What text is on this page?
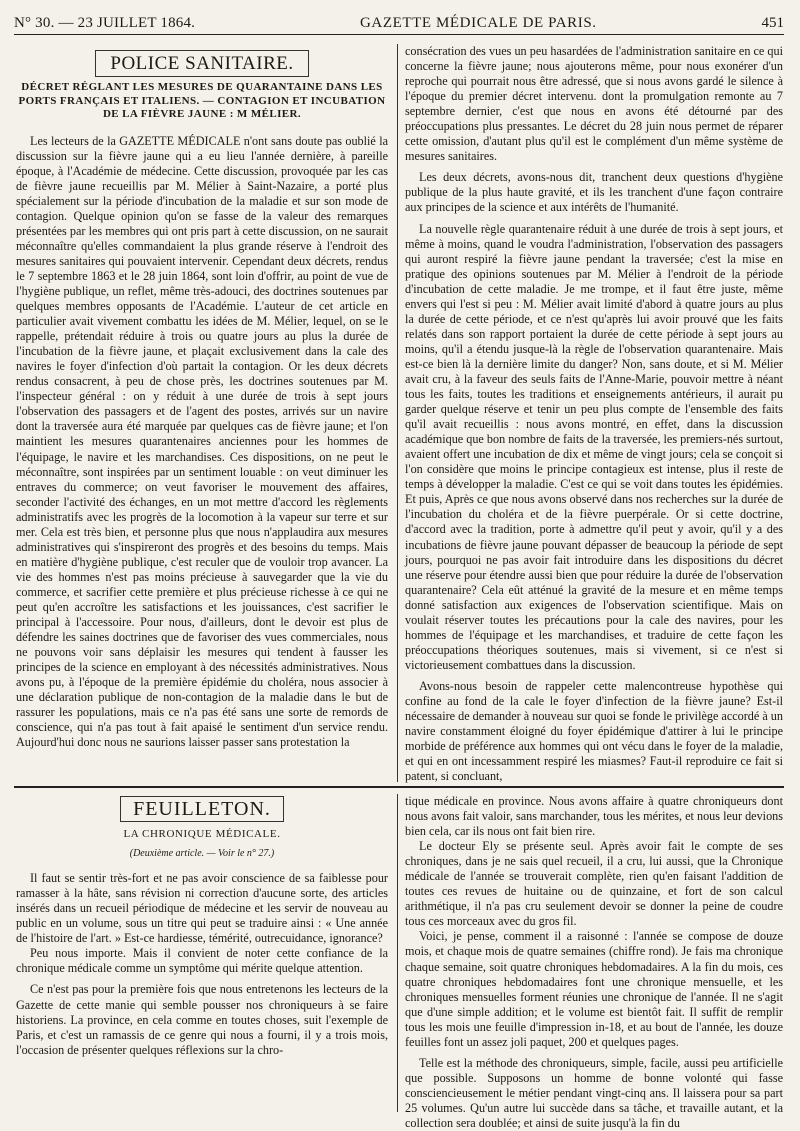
N° 30. — 23 JUILLET 1864.	GAZETTE MÉDICALE DE PARIS.	451
POLICE SANITAIRE.
DÉCRET RÉGLANT LES MESURES DE QUARANTAINE DANS LES PORTS FRANÇAIS ET ITALIENS. — CONTAGION ET INCUBATION DE LA FIÈVRE JAUNE : M MÉLIER.

Les lecteurs de la GAZETTE MÉDICALE n'ont sans doute pas oublié la discussion sur la fièvre jaune qui a eu lieu l'année dernière, à pareille époque, à l'Académie de médecine. Cette discussion, provoquée par les cas de fièvre jaune recueillis par M. Mélier à Saint-Nazaire, a porté plus spécialement sur la période d'incubation de la maladie et sur son mode de contagion. Quelque opinion qu'on se fasse de la valeur des remarques présentées par les membres qui ont pris part à cette discussion, on ne saurait méconnaître qu'elles commandaient la plus grande réserve à l'endroit des mesures sanitaires qui pouvaient intervenir. Cependant deux décrets, rendus le 7 septembre 1863 et le 28 juin 1864, sont loin d'offrir, au point de vue de l'hygiène publique, un reflet, même très-adouci, des doctrines soutenues par quelques membres opposants de l'Académie. L'auteur de cet article en particulier avait vivement combattu les idées de M. Mélier, lequel, on se le rappelle, prétendait réduire à trois ou quatre jours au plus la durée de l'incubation de la fièvre jaune, et plaçait exclusivement dans la cale des navires le foyer d'infection d'où partait la contagion. Or les deux décrets rendus consacrent, à peu de chose près, les doctrines soutenues par M. l'inspecteur général : on y réduit à une durée de trois à sept jours l'observation des passagers et de l'agent des postes, arrivés sur un navire dont la traversée aura été marquée par quelques cas de fièvre jaune; et l'on maintient les mesures quarantenaires anciennes pour les hommes de l'équipage, le navire et les marchandises. Ces dispositions, on ne peut le méconnaître, sont inspirées par un sentiment louable : on veut diminuer les entraves du commerce; on veut favoriser le mouvement des affaires, seconder l'activité des échanges, en un mot mettre d'accord les règlements administratifs avec les progrès de la locomotion à la vapeur sur terre et sur mer. Cela est très bien, et personne plus que nous n'applaudira aux mesures administratives qui s'inspireront des progrès et des besoins du temps. Mais en matière d'hygiène publique, c'est reculer que de vouloir trop avancer. La vie des hommes n'est pas moins précieuse à sauvegarder que la vie du commerce, et sacrifier cette première et plus précieuse richesse à ce qui ne peut qu'en accroître les satisfactions et les jouissances, c'est sacrifier le principal à l'accessoire. Pour nous, d'ailleurs, dont le devoir est plus de défendre les saines doctrines que de favoriser des vues commerciales, nous ne pouvons voir sans déplaisir les mesures qui tendent à fausser les principes de la science en employant à des nécessités administratives. Nous avons pu, à l'époque de la première épidémie du choléra, nous associer à une déclaration publique de non-contagion de la maladie dans le but de rassurer les populations, mais ce n'a pas été sans une sorte de remords de conscience, qui n'a pas tout à fait apaisé le sentiment d'un service rendu. Aujourd'hui donc nous ne saurions laisser passer sans protestation la

consécration des vues un peu hasardées de l'administration sanitaire en ce qui concerne la fièvre jaune; nous ajouterons même, pour nous exonérer d'un reproche qui pourrait nous être adressé, que si nous avons gardé le silence à l'époque du premier décret intervenu. dont la promulgation remonte au 7 septembre dernier, c'est que nous en avons été détourné par des préoccupations plus pressantes. Le décret du 28 juin nous permet de réparer cette omission, d'autant plus qu'il est le complément d'un même système de mesures sanitaires.

Les deux décrets, avons-nous dit, tranchent deux questions d'hygiène publique de la plus haute gravité, et ils les tranchent d'une façon contraire aux principes de la science et aux intérêts de l'humanité.

La nouvelle règle quarantenaire réduit à une durée de trois à sept jours, et même à moins, quand le voudra l'administration, l'observation des passagers qui auront respiré la fièvre jaune pendant la traversée; c'est la mise en pratique des opinions soutenues par M. Mélier à l'endroit de la période d'incubation de cette maladie. Je me trompe, et il faut être juste, même envers qui l'est si peu : M. Mélier avait limité d'abord à quatre jours au plus la durée de cette période, et ce n'est qu'après lui avoir prouvé que les faits relatés dans son rapport portaient la durée de cette période à sept jours au moins, qu'il a étendu jusque-là la règle de l'observation quarantenaire. Mais est-ce bien là la dernière limite du danger? Non, sans doute, et si M. Mélier avait cru, à la faveur des seuls faits de l'Anne-Marie, pouvoir mettre à néant tous les faits, toutes les traditions et enseignements antérieurs, il aurait pu garder quelque réserve et tenir un peu plus compte de l'ensemble des faits qu'il avait recueillis : nous avons montré, en effet, dans la discussion académique que bon nombre de faits de la traversée, les premiers-nés surtout, avaient offert une incubation de dix et même de vingt jours; cela se conçoit si l'on considère que moins le principe contagieux est intense, plus il reste de temps à développer la maladie. C'est ce qui se voit dans toutes les épidémies. Et puis, Après ce que nous avons observé dans nos recherches sur la durée de l'incubation du choléra et de la fièvre puerpérale. Or si cette doctrine, d'accord avec la tradition, porte à admettre qu'il peut y avoir, qu'il y a des incubations de fièvre jaune pouvant dépasser de beaucoup la période de sept jours, pourquoi ne pas avoir fait introduire dans les dispositions du décret une réserve pour étendre aussi bien que pour réduire la durée de l'observation quarantenaire? Cela eût atténué la gravité de la mesure et en même temps donné satisfaction aux exigences de l'observation scientifique. Mais on voulait réserver toutes les précautions pour la cale des navires, pour les hommes de l'équipage et les marchandises, et traduire de cette façon les préoccupations théoriques soutenues, mais si vivement, si ce n'est si victorieusement combattues dans la discussion.

Avons-nous besoin de rappeler cette malencontreuse hypothèse qui confine au fond de la cale le foyer d'infection de la fièvre jaune? Est-il nécessaire de demander à nouveau sur quoi se fonde le privilège accordé à un navire constamment éloigné du foyer épidémique d'attirer à lui le principe morbide de préférence aux hommes qui ont vécu dans le foyer de la maladie, et qui en ont incessamment respiré les miasmes? Faut-il reproduire ce fait si patent, si concluant,

FEUILLETON.
LA CHRONIQUE MÉDICALE.
(Deuxième article. — Voir le n° 27.)

Il faut se sentir très-fort et ne pas avoir conscience de sa faiblesse pour ramasser à la hâte, sans révision ni correction d'aucune sorte, des articles insérés dans un recueil périodique de médecine et les servir de nouveau au public en un volume, sous un titre qui peut se traduire ainsi : « Une année de l'histoire de l'art. » Est-ce hardiesse, témérité, outrecuidance, ignorance?

Peu nous importe. Mais il convient de noter cette confiance de la chronique médicale comme un symptôme qui mérite quelque attention.

Ce n'est pas pour la première fois que nous entretenons les lecteurs de la Gazette de cette manie qui semble pousser nos chroniqueurs à se faire historiens. La province, en cela comme en toutes choses, suit l'exemple de Paris, et c'est un ramassis de ce genre qui nous a fourni, il y a trois mois, l'occasion de présenter quelques réflexions sur la chro-

tique médicale en province. Nous avons affaire à quatre chroniqueurs dont nous avons fait valoir, sans marchander, tous les mérites, et nous leur devions bien cela, car ils nous ont fait bien rire.

Le docteur Ely se présente seul. Après avoir fait le compte de ses chroniques, dans je ne sais quel recueil, il a cru, lui aussi, que la Chronique médicale de l'année se trouverait complète, rien qu'en faisant l'addition de toutes ces revues de huitaine ou de quinzaine, et fort de son calcul arithmétique, il n'a pas cru seulement devoir se donner la peine de coudre tous ces morceaux avec du gros fil.

Voici, je pense, comment il a raisonné : l'année se compose de douze mois, et chaque mois de quatre semaines (chiffre rond). Je fais ma chronique chaque semaine, soit quatre chroniques hebdomadaires. A la fin du mois, ces quatre chroniques hebdomadaires font une chronique mensuelle, et les chroniques mensuelles forment réunies une chronique de l'année. Il ne s'agit que d'une simple addition; et le volume est bientôt fait. Il suffit de remplir tous les mois une feuille d'impression in-18, et au bout de l'année, les douze feuilles font un assez joli paquet, 200 et quelques pages.

Telle est la méthode des chroniqueurs, simple, facile, aussi peu artificielle que possible. Supposons un homme de bonne volonté qui fasse consciencieusement le métier pendant vingt-cinq ans. Il laissera pour sa part 25 volumes. Qu'un autre lui succède dans sa tâche, et travaille autant, et la collection sera doublée; et ainsi de suite jusqu'à la fin du
